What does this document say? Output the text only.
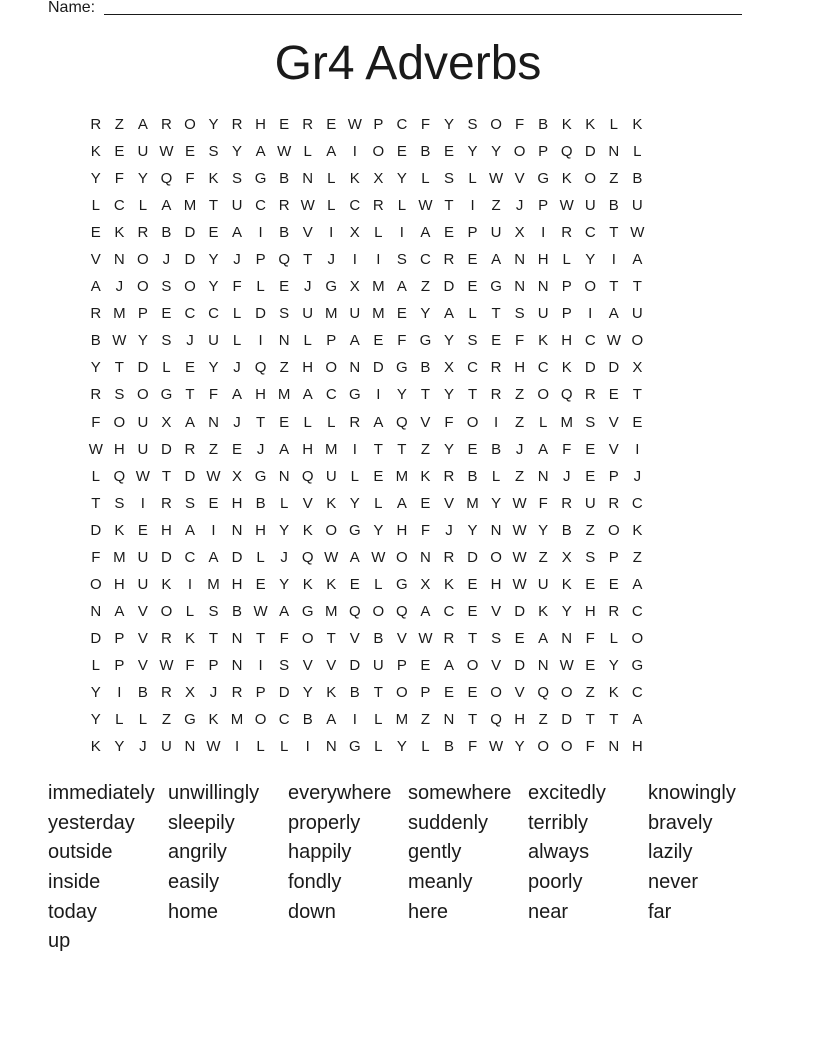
Name:
Gr4 Adverbs
R Z A R O Y R H E R E W P C F Y S O F B K K L K
K E U W E S Y A W L A	I	O E B E Y Y O P Q D N L
Y F Y Q F K S G B N L K X Y L S L W V G K O Z B
L C L A M T U C R W L C R L W T	I	Z	J P W U B U
E K R B D E A	I	B V	I	X L	I	A E P U X	I	R C T W
V N O J D Y J P Q T	J	I	I	S C R E A N H L Y	I	A
A J O S O Y F L E J G X M A Z D E G N N P O T T
R M P E C C L D S U M U M E Y A L T S U P	I	A U
B W Y S J U L	I	N L P A E F G Y S E F K H C W O
Y T D L E Y J Q Z H O N D G B X C R H C K D D X
R S O G T F A H M A C G	I	Y T Y T R Z O Q R E T
F O U X A N J	T E L	L R A Q V F O	I	Z L M S V E
W H U D R Z E J A H M	I	T T Z Y E B J A F E V	I
L Q W T D W X G N Q U L E M K R B L Z N J E P J
T S	I	R S E H B L V K Y L A E V M Y W F R U R C
D K E H A	I	N H Y K O G Y H F	J Y N W Y B Z O K
F M U D C A D L	J Q W A W O N R D O W Z X S P Z
O H U K	I	M H E Y K K E L G X K E H W U K E E A
N A V O L S B W A G M Q O Q A C E V D K Y H R C
D P V R K T N T F O T V B V W R T S E A N F L O
L P V W F P N	I	S V V D U P E A O V D N W E Y G
Y	I	B R X J R P D Y K B T O P E E O V Q O Z K C
Y L	L Z G K M O C B A	I	L M Z N T Q H Z D T T A
K Y J U N W I	L	L	I	N G L Y L B F W Y O O F N H
immediately unwillingly	everywhere somewhere excitedly	knowingly
yesterday	sleepily	properly	suddenly	terribly	bravely
outside	angrily	happily	gently	always	lazily
inside	easily	fondly	meanly	poorly	never
today	home	down	here	near	far
up
